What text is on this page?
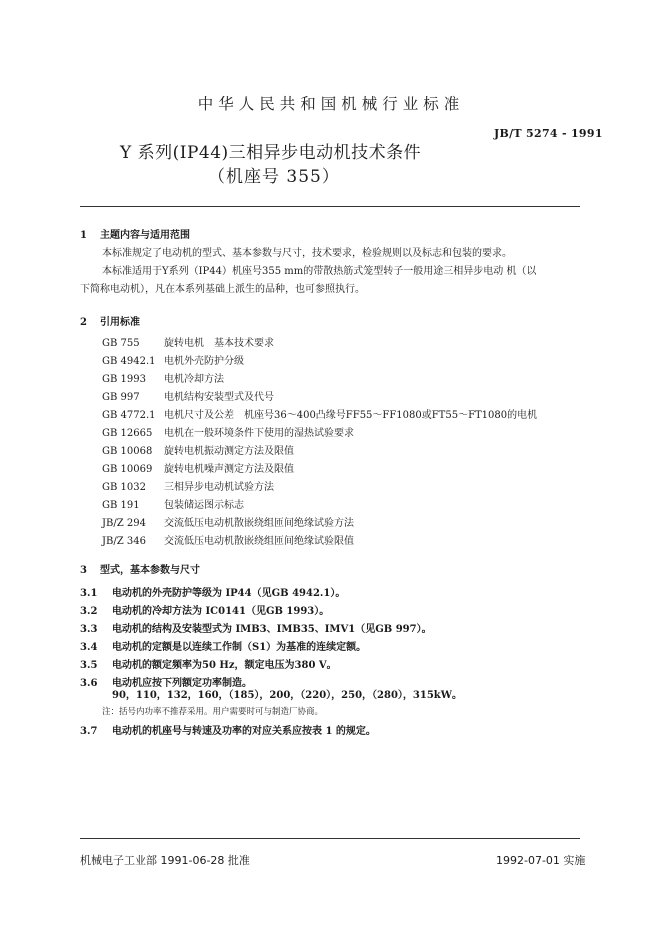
中华人民共和国机械行业标准
JB/T 5274 - 1991
Y 系列(IP44)三相异步电动机技术条件
（机座号 355）
1 主题内容与适用范围
本标准规定了电动机的型式、基本参数与尺寸，技术要求，检验规则以及标志和包装的要求。
本标准适用于Y系列（IP44）机座号355 mm的带散热筋式笼型转子一般用途三相异步电动 机（以
下简称电动机），凡在本系列基础上派生的品种，也可参照执行。
2 引用标准
GB 755 旋转电机　基本技术要求
GB 4942.1 电机外壳防护分级
GB 1993 电机冷却方法
GB 997 电机结构安装型式及代号
GB 4772.1 电机尺寸及公差　机座号36～400凸缘号FF55～FF1080或FT55～FT1080的电机
GB 12665 电机在一般环境条件下使用的湿热试验要求
GB 10068 旋转电机振动测定方法及限值
GB 10069 旋转电机噪声测定方法及限值
GB 1032 三相异步电动机试验方法
GB 191 包装储运图示标志
JB/Z 294 交流低压电动机散嵌绕组匝间绝缘试验方法
JB/Z 346 交流低压电动机散嵌绕组匝间绝缘试验限值
3 型式，基本参数与尺寸
3.1 电动机的外壳防护等级为 IP44（见GB 4942.1）。
3.2 电动机的冷却方法为 IC0141（见GB 1993）。
3.3 电动机的结构及安装型式为 IMB3、IMB35、IMV1（见GB 997）。
3.4 电动机的定额是以连续工作制（S1）为基准的连续定额。
3.5 电动机的额定频率为50 Hz，额定电压为380 V。
3.6 电动机应按下列额定功率制造。
90，110，132，160，（185），200，（220），250，（280），315kW。
注：括号内功率不推荐采用。用户需要时可与制造厂协商。
3.7 电动机的机座号与转速及功率的对应关系应按表 1 的规定。
机械电子工业部 1991-06-28 批准	1992-07-01 实施
